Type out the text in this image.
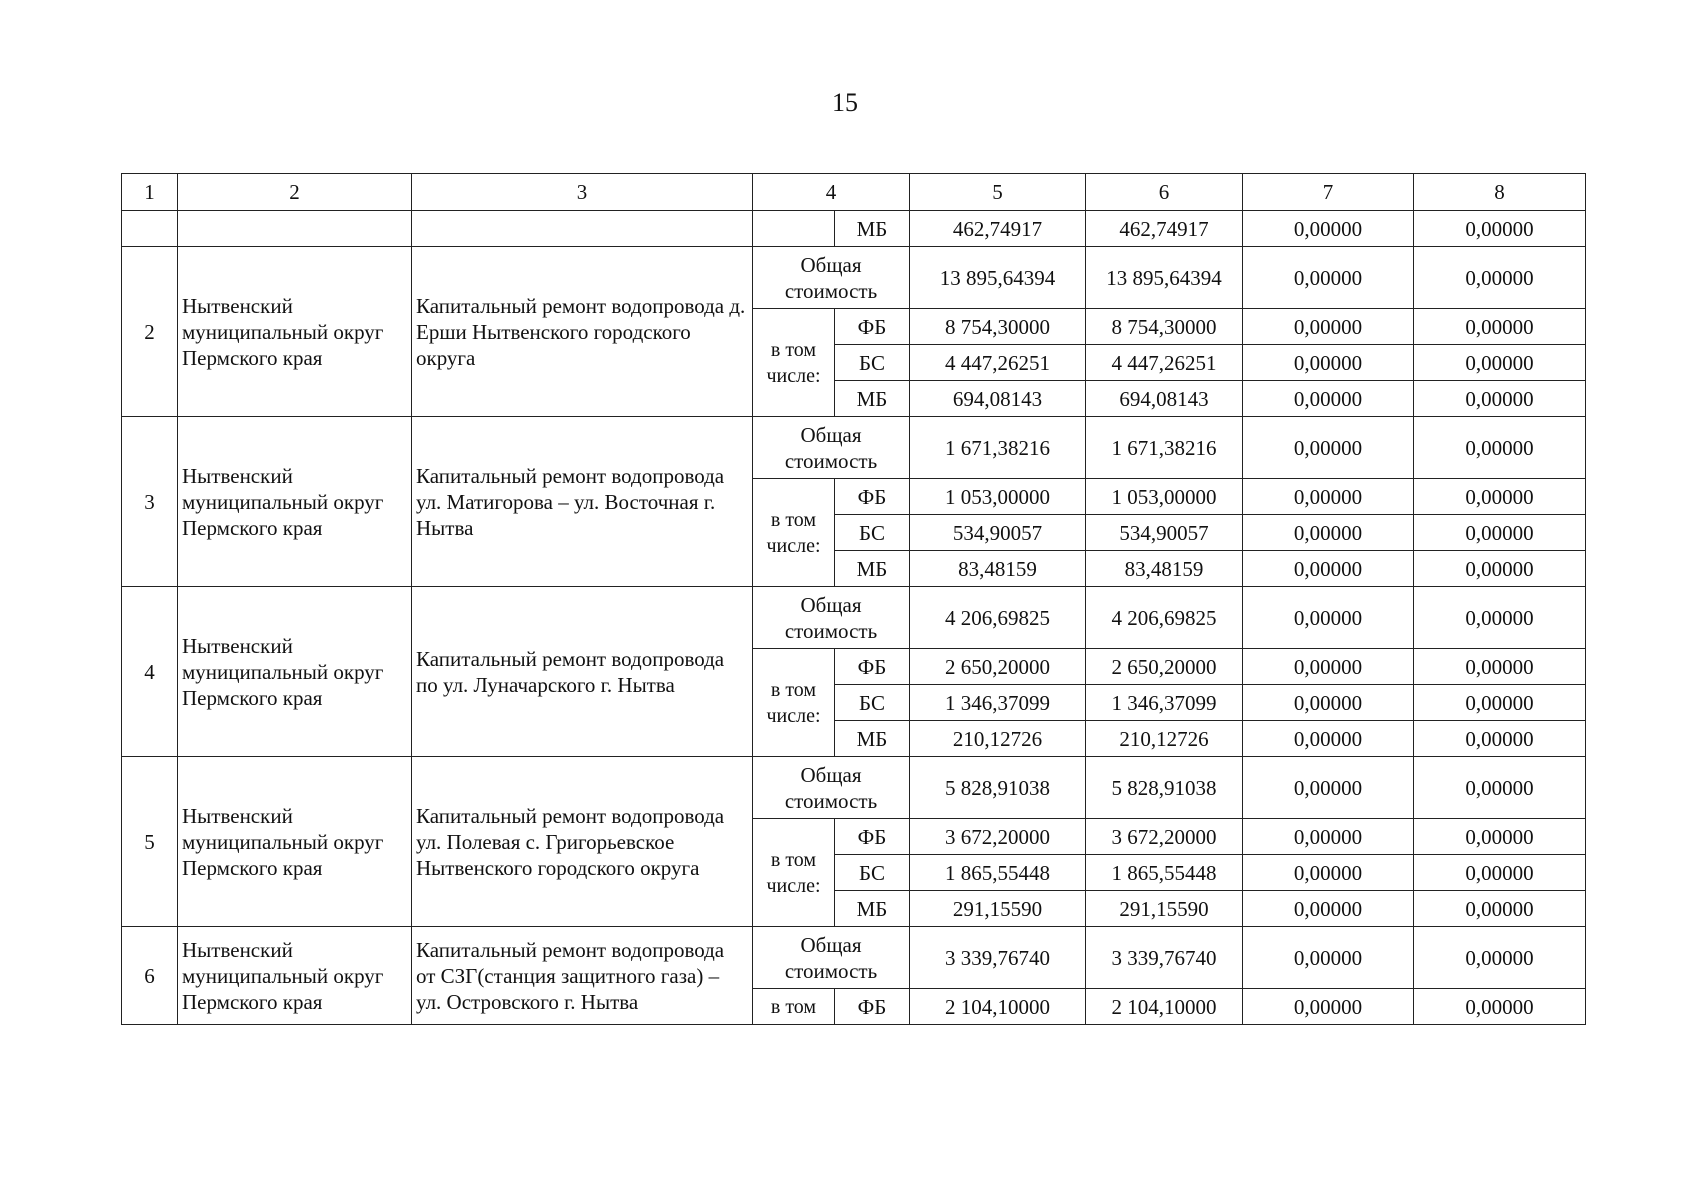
15
1	2	3	4		5	6	7	8
				МБ	462,74917	462,74917	0,00000	0,00000
2	Нытвенский муниципальный округ Пермского края	Капитальный ремонт водопровода д. Ерши Нытвенского городского округа	Общая стоимость		13 895,64394	13 895,64394	0,00000	0,00000
			в том числе:	ФБ	8 754,30000	8 754,30000	0,00000	0,00000
				БС	4 447,26251	4 447,26251	0,00000	0,00000
				МБ	694,08143	694,08143	0,00000	0,00000
3	Нытвенский муниципальный округ Пермского края	Капитальный ремонт водопровода ул. Матигорова – ул. Восточная г. Нытва	Общая стоимость		1 671,38216	1 671,38216	0,00000	0,00000
			в том числе:	ФБ	1 053,00000	1 053,00000	0,00000	0,00000
				БС	534,90057	534,90057	0,00000	0,00000
				МБ	83,48159	83,48159	0,00000	0,00000
4	Нытвенский муниципальный округ Пермского края	Капитальный ремонт водопровода по ул. Луначарского г. Нытва	Общая стоимость		4 206,69825	4 206,69825	0,00000	0,00000
			в том числе:	ФБ	2 650,20000	2 650,20000	0,00000	0,00000
				БС	1 346,37099	1 346,37099	0,00000	0,00000
				МБ	210,12726	210,12726	0,00000	0,00000
5	Нытвенский муниципальный округ Пермского края	Капитальный ремонт водопровода ул. Полевая с. Григорьевское Нытвенского городского округа	Общая стоимость		5 828,91038	5 828,91038	0,00000	0,00000
			в том числе:	ФБ	3 672,20000	3 672,20000	0,00000	0,00000
				БС	1 865,55448	1 865,55448	0,00000	0,00000
				МБ	291,15590	291,15590	0,00000	0,00000
6	Нытвенский муниципальный округ Пермского края	Капитальный ремонт водопровода от СЗГ(станция защитного газа) – ул. Островского г. Нытва	Общая стоимость		3 339,76740	3 339,76740	0,00000	0,00000
			в том	ФБ	2 104,10000	2 104,10000	0,00000	0,00000
